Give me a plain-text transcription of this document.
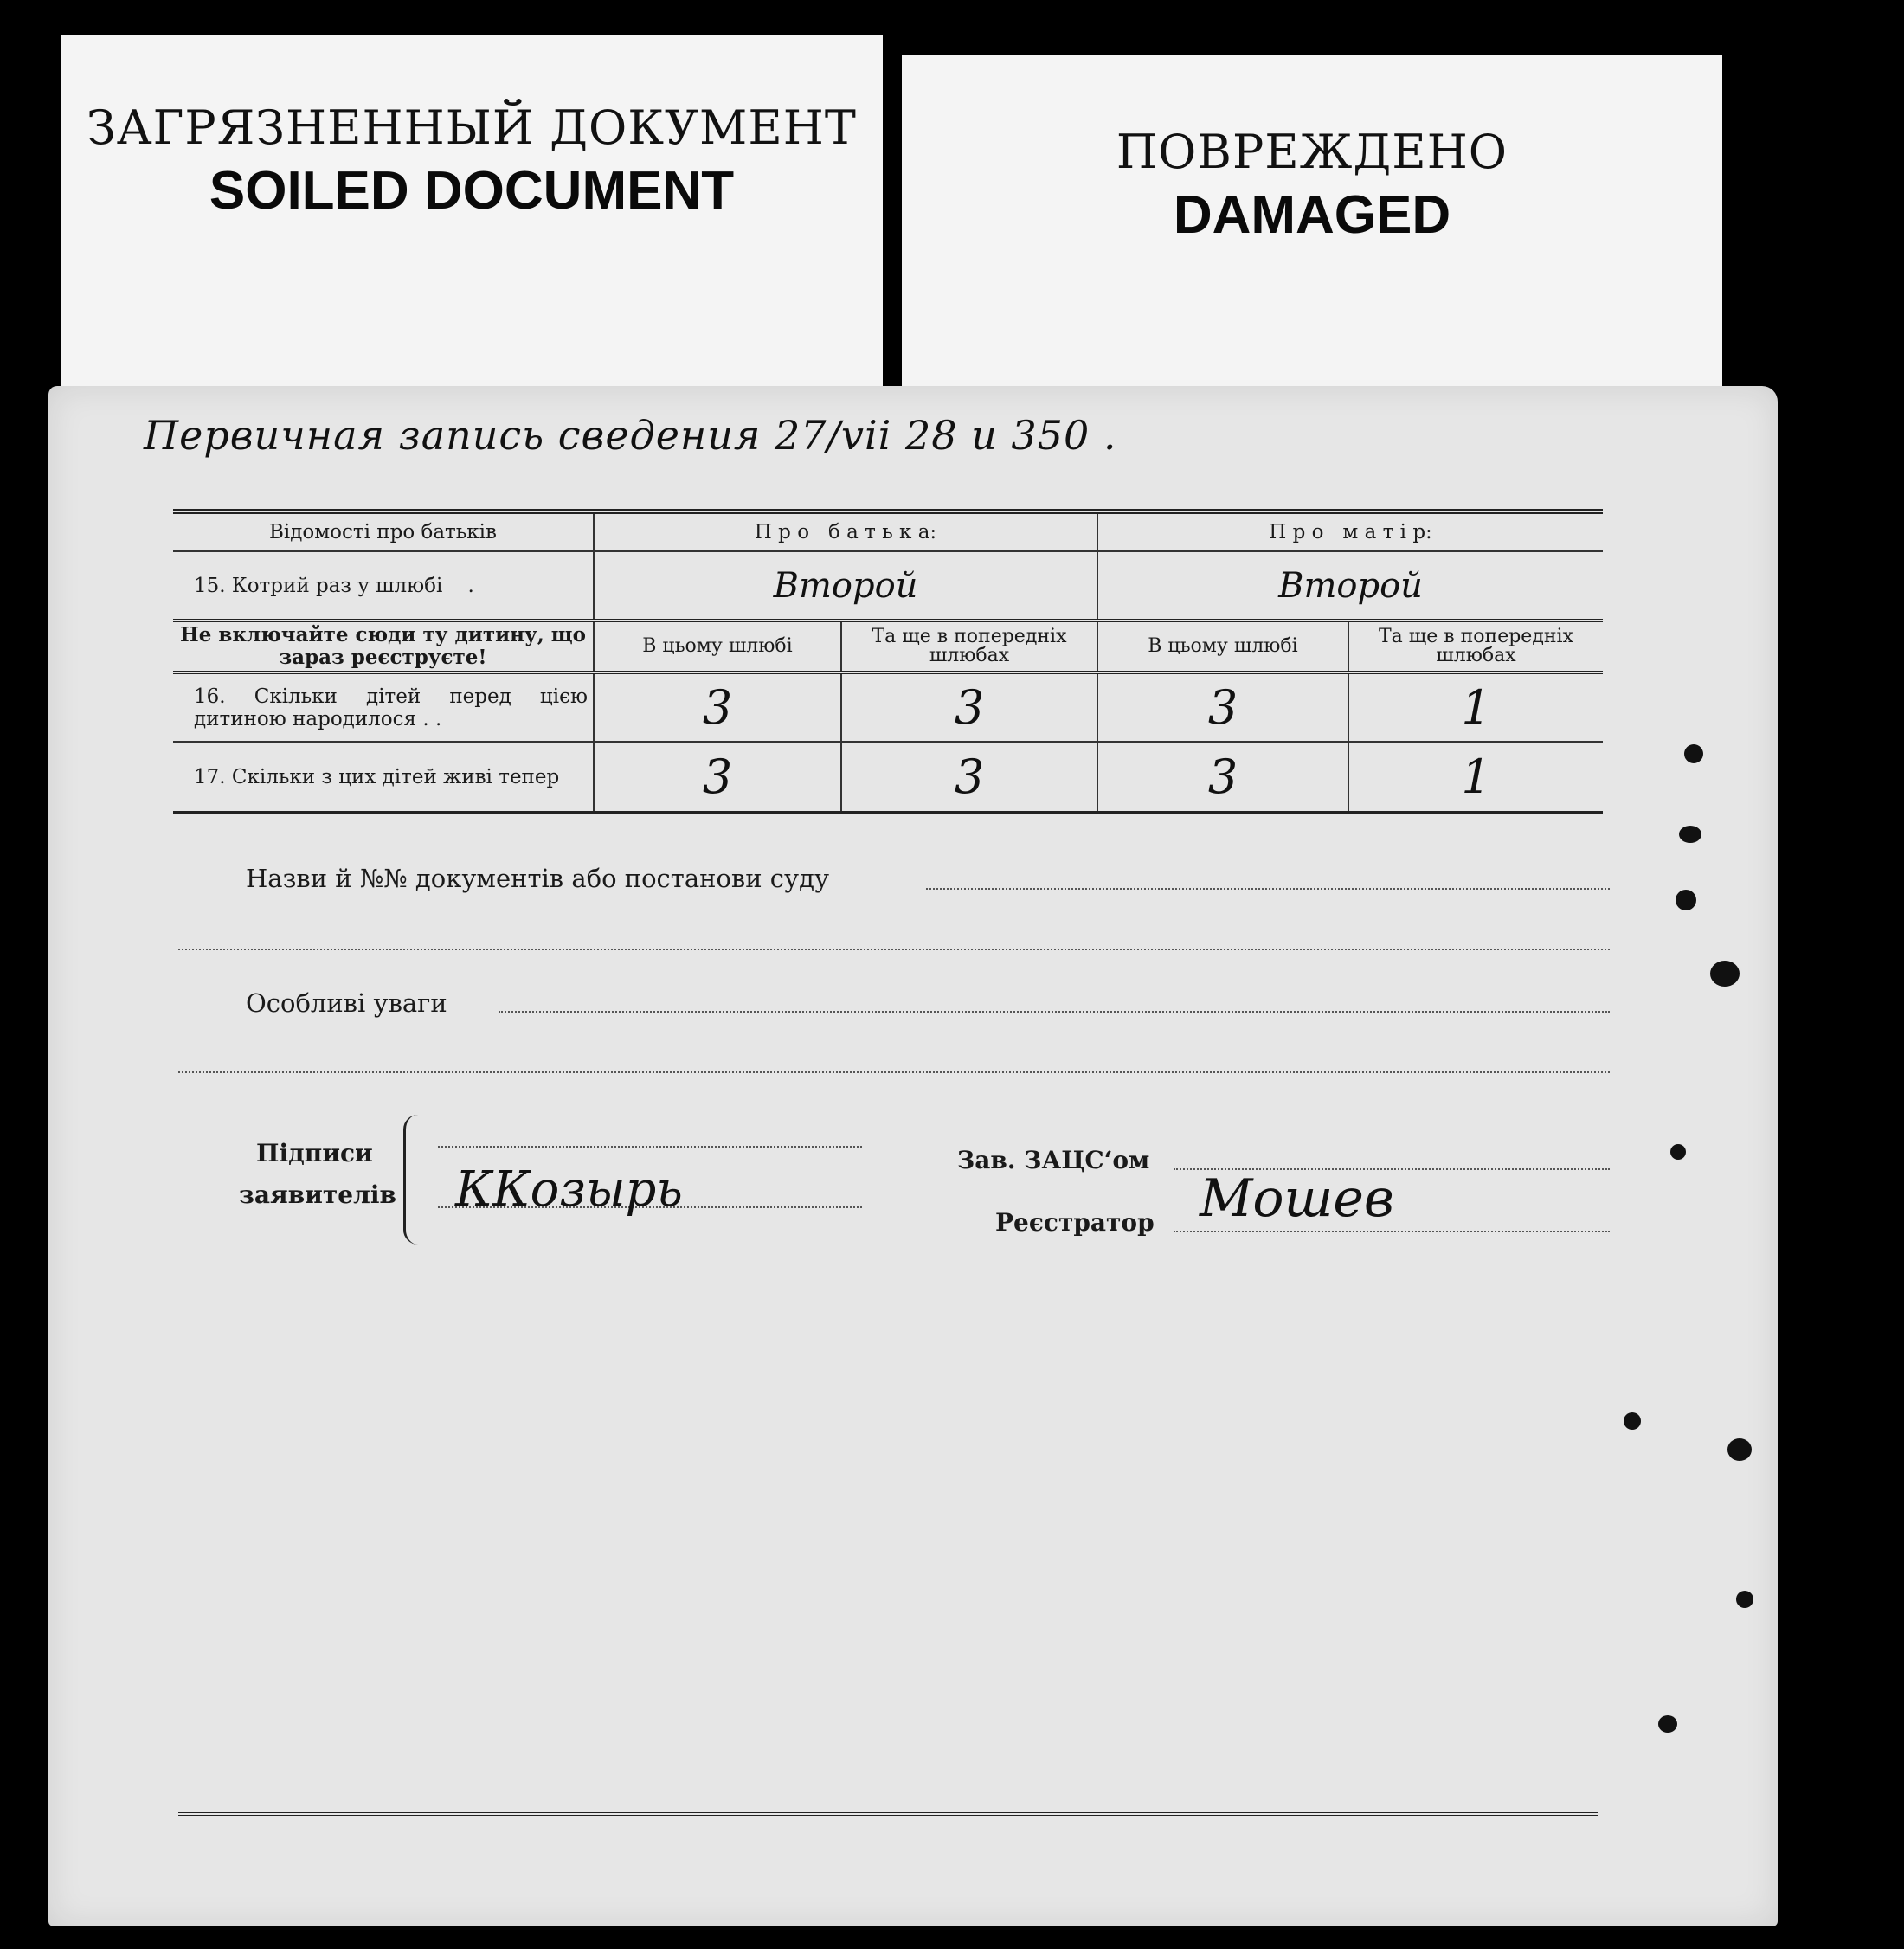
ЗАГРЯЗНЕННЫЙ ДОКУМЕНТ
SOILED DOCUMENT
ПОВРЕЖДЕНО
DAMAGED
Первичная запись сведения 27/vii 28 и 350 .
Відомості про батьків	П р о   б а т ь к а:		П р о   м а т і р:	
15. Котрий раз у шлюбі    .	Второй		Второй	
Не включайте сюди ту дитину, що зараз реєструєте!	В цьому шлюбі	Та ще в попередніх шлюбах	В цьому шлюбі	Та ще в попередніх шлюбах
16. Скільки дітей перед цією дитиною народилося . .	3	3	3	1
17. Скільки з цих дітей живі тепер	3	3	3	1
Назви й №№ документів або постанови суду
Особливі уваги
Підписи
заявителів ККозырь
Зав. ЗАЦС‘ом
Реєстратор Мошев
